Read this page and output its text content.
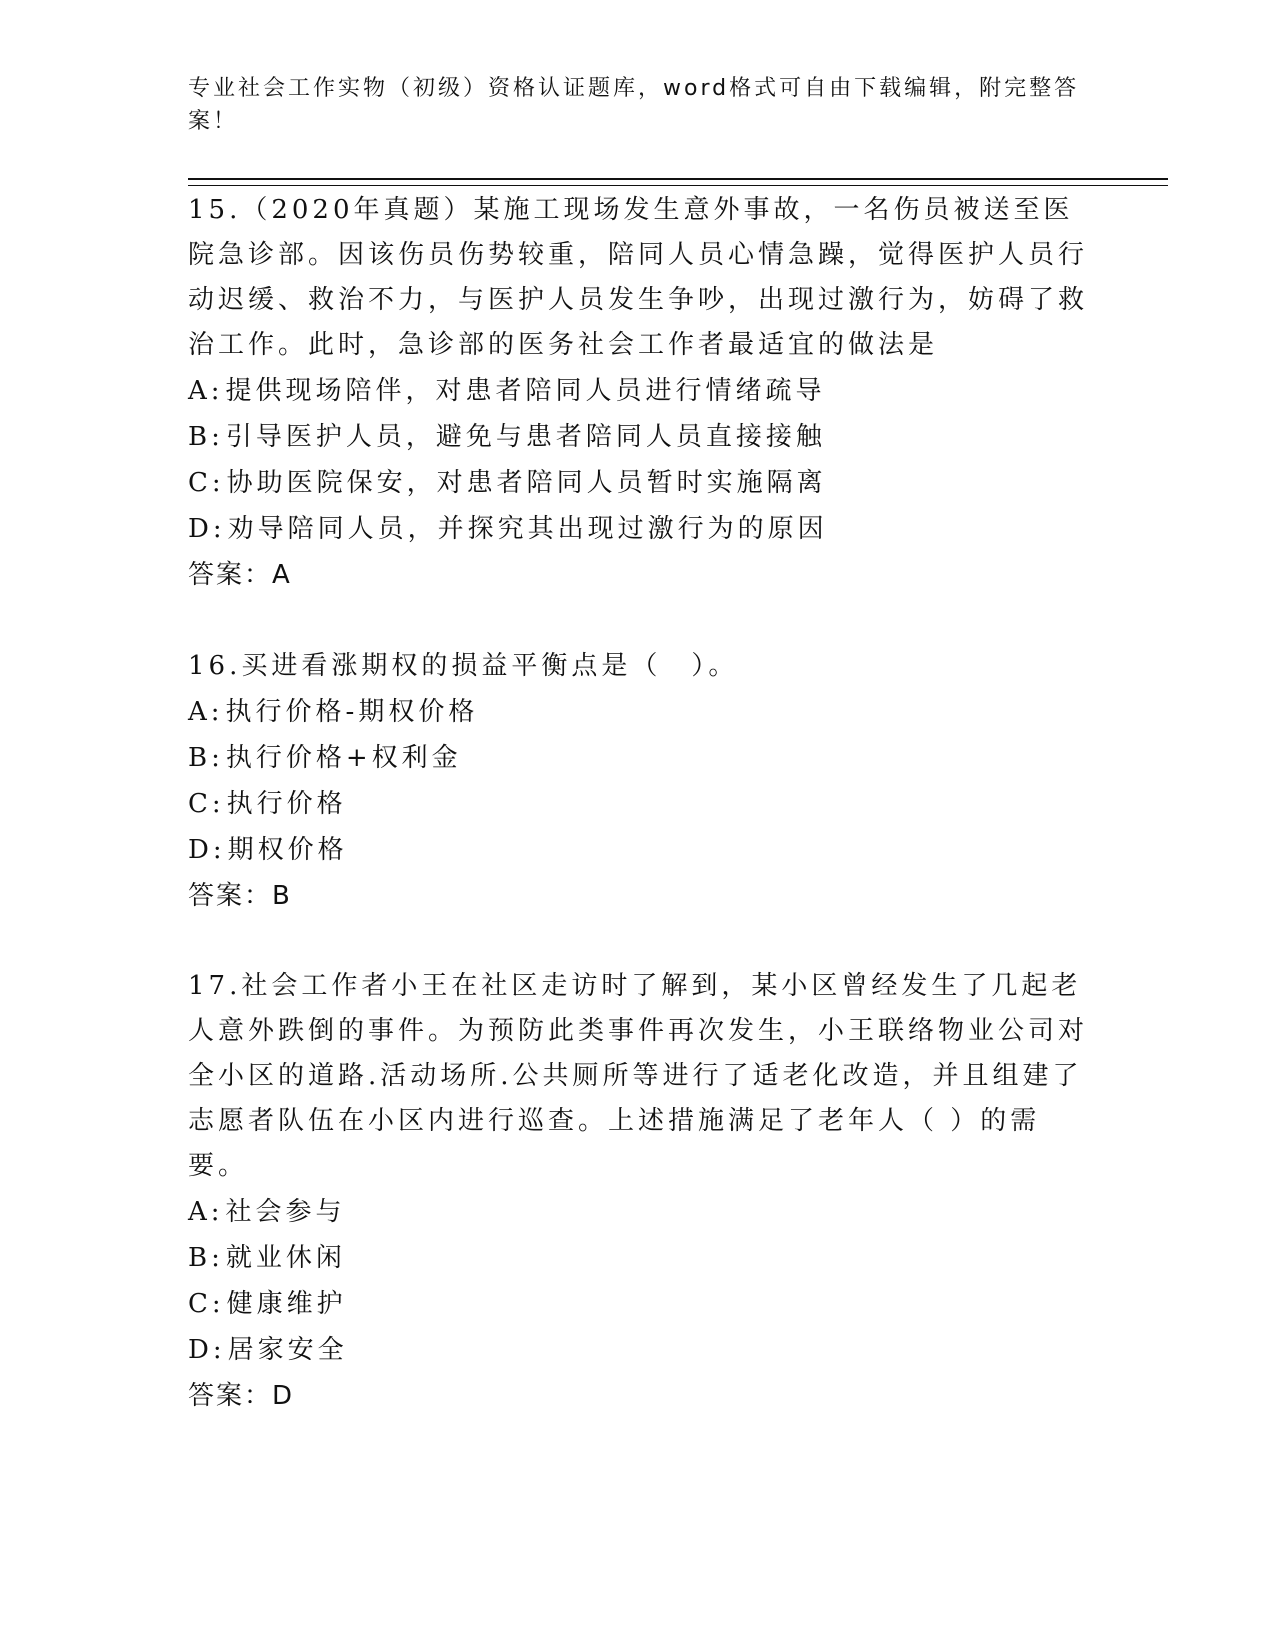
专业社会工作实物（初级）资格认证题库，word格式可自由下载编辑，附完整答案！

15.（2020年真题）某施工现场发生意外事故，一名伤员被送至医院急诊部。因该伤员伤势较重，陪同人员心情急躁，觉得医护人员行动迟缓、救治不力，与医护人员发生争吵，出现过激行为，妨碍了救治工作。此时，急诊部的医务社会工作者最适宜的做法是

A:提供现场陪伴，对患者陪同人员进行情绪疏导
B:引导医护人员，避免与患者陪同人员直接接触
C:协助医院保安，对患者陪同人员暂时实施隔离
D:劝导陪同人员，并探究其出现过激行为的原因

答案：A

16.买进看涨期权的损益平衡点是（　）。

A:执行价格-期权价格
B:执行价格+权利金
C:执行价格
D:期权价格

答案：B

17.社会工作者小王在社区走访时了解到，某小区曾经发生了几起老人意外跌倒的事件。为预防此类事件再次发生，小王联络物业公司对全小区的道路.活动场所.公共厕所等进行了适老化改造，并且组建了志愿者队伍在小区内进行巡查。上述措施满足了老年人（ ）的需要。

A:社会参与
B:就业休闲
C:健康维护
D:居家安全

答案：D
